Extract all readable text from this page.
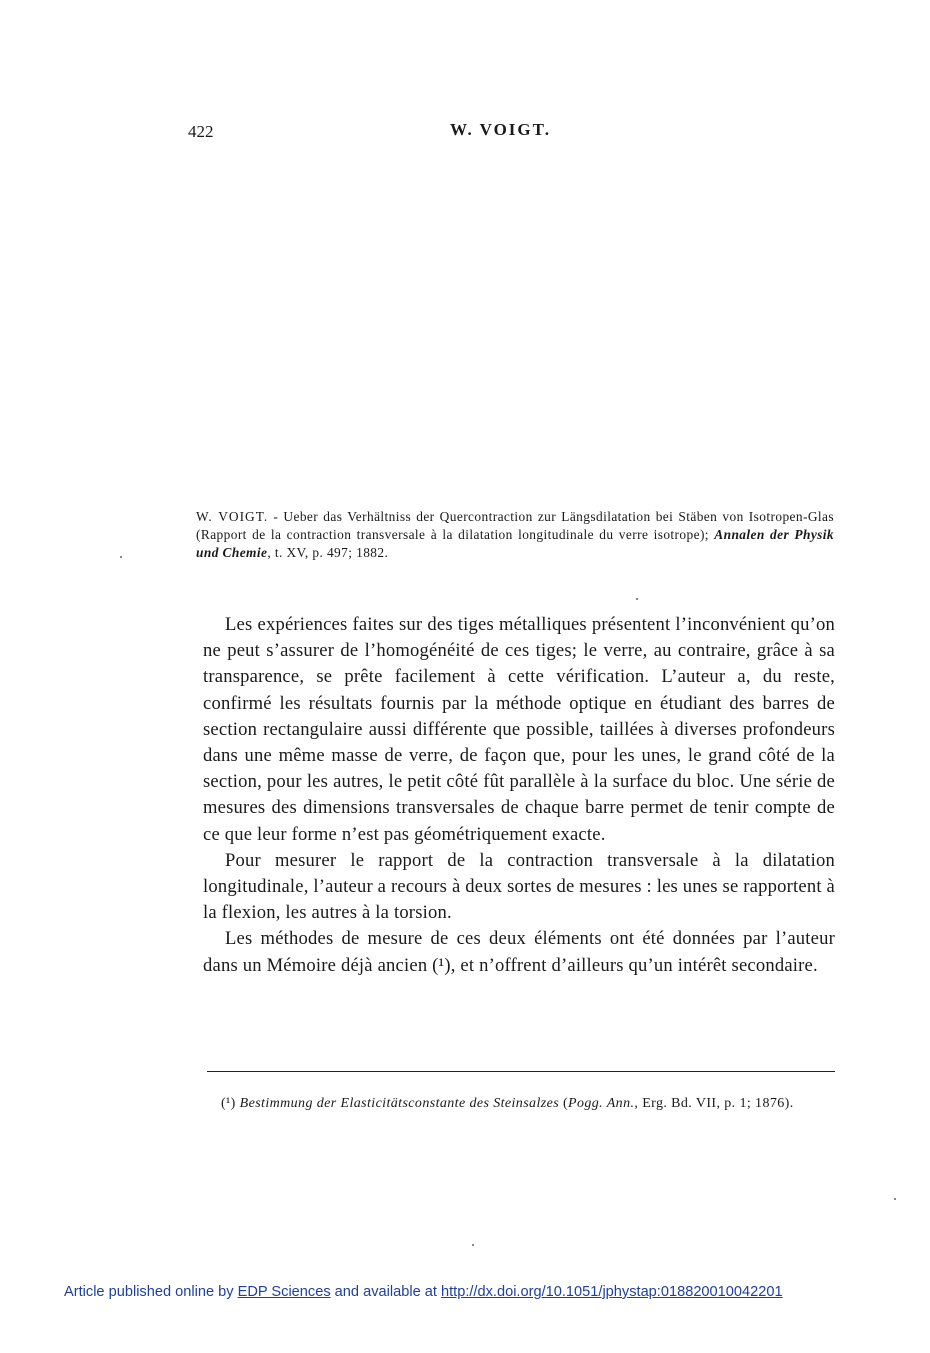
422	W. VOIGT.
W. VOIGT. - Ueber das Verhältniss der Quercontraction zur Längsdilatation bei Stäben von Isotropen-Glas (Rapport de la contraction transversale à la dilatation longitudinale du verre isotrope); Annalen der Physik und Chemie, t. XV, p. 497; 1882.

Les expériences faites sur des tiges métalliques présentent l’inconvénient qu’on ne peut s’assurer de l’homogénéité de ces tiges; le verre, au contraire, grâce à sa transparence, se prête facilement à cette vérification. L’auteur a, du reste, confirmé les résultats fournis par la méthode optique en étudiant des barres de section rectangulaire aussi différente que possible, taillées à diverses profondeurs dans une même masse de verre, de façon que, pour les unes, le grand côté de la section, pour les autres, le petit côté fût parallèle à la surface du bloc. Une série de mesures des dimensions transversales de chaque barre permet de tenir compte de ce que leur forme n’est pas géométriquement exacte.

Pour mesurer le rapport de la contraction transversale à la dilatation longitudinale, l’auteur a recours à deux sortes de mesures : les unes se rapportent à la flexion, les autres à la torsion.

Les méthodes de mesure de ces deux éléments ont été données par l’auteur dans un Mémoire déjà ancien (¹), et n’offrent d’ailleurs qu’un intérêt secondaire.

(¹) Bestimmung der Elasticitätsconstante des Steinsalzes (Pogg. Ann., Erg. Bd. VII, p. 1; 1876).

Article published online by EDP Sciences and available at http://dx.doi.org/10.1051/jphystap:018820010042201
